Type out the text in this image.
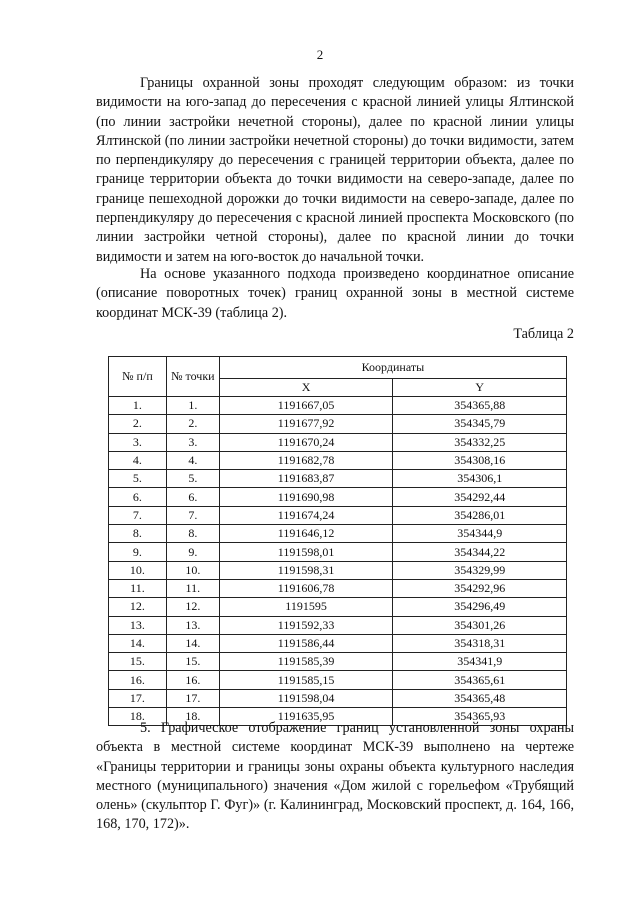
2

Границы охранной зоны проходят следующим образом: из точки видимости на юго-запад до пересечения с красной линией улицы Ялтинской (по линии застройки нечетной стороны), далее по красной линии улицы Ялтинской (по линии застройки нечетной стороны) до точки видимости, затем по перпендикуляру до пересечения с границей территории объекта, далее по границе территории объекта до точки видимости на северо-западе, далее по границе пешеходной дорожки до точки видимости на северо-западе, далее по перпендикуляру до пересечения с красной линией проспекта Московского (по линии застройки четной стороны), далее по красной линии до точки видимости и затем на юго-восток до начальной точки.

На основе указанного подхода произведено координатное описание (описание поворотных точек) границ охранной зоны в местной системе координат МСК-39 (таблица 2).

Таблица 2
№ п/п	№ точки	Координаты	
		X	Y
1.	1.	1191667,05	354365,88
2.	2.	1191677,92	354345,79
3.	3.	1191670,24	354332,25
4.	4.	1191682,78	354308,16
5.	5.	1191683,87	354306,1
6.	6.	1191690,98	354292,44
7.	7.	1191674,24	354286,01
8.	8.	1191646,12	354344,9
9.	9.	1191598,01	354344,22
10.	10.	1191598,31	354329,99
11.	11.	1191606,78	354292,96
12.	12.	1191595	354296,49
13.	13.	1191592,33	354301,26
14.	14.	1191586,44	354318,31
15.	15.	1191585,39	354341,9
16.	16.	1191585,15	354365,61
17.	17.	1191598,04	354365,48
18.	18.	1191635,95	354365,93

5. Графическое отображение границ установленной зоны охраны объекта в местной системе координат МСК-39 выполнено на чертеже «Границы территории и границы зоны охраны объекта культурного наследия местного (муниципального) значения «Дом жилой с горельефом «Трубящий олень» (скульптор Г. Фуг)» (г. Калининград, Московский проспект, д. 164, 166, 168, 170, 172)».
